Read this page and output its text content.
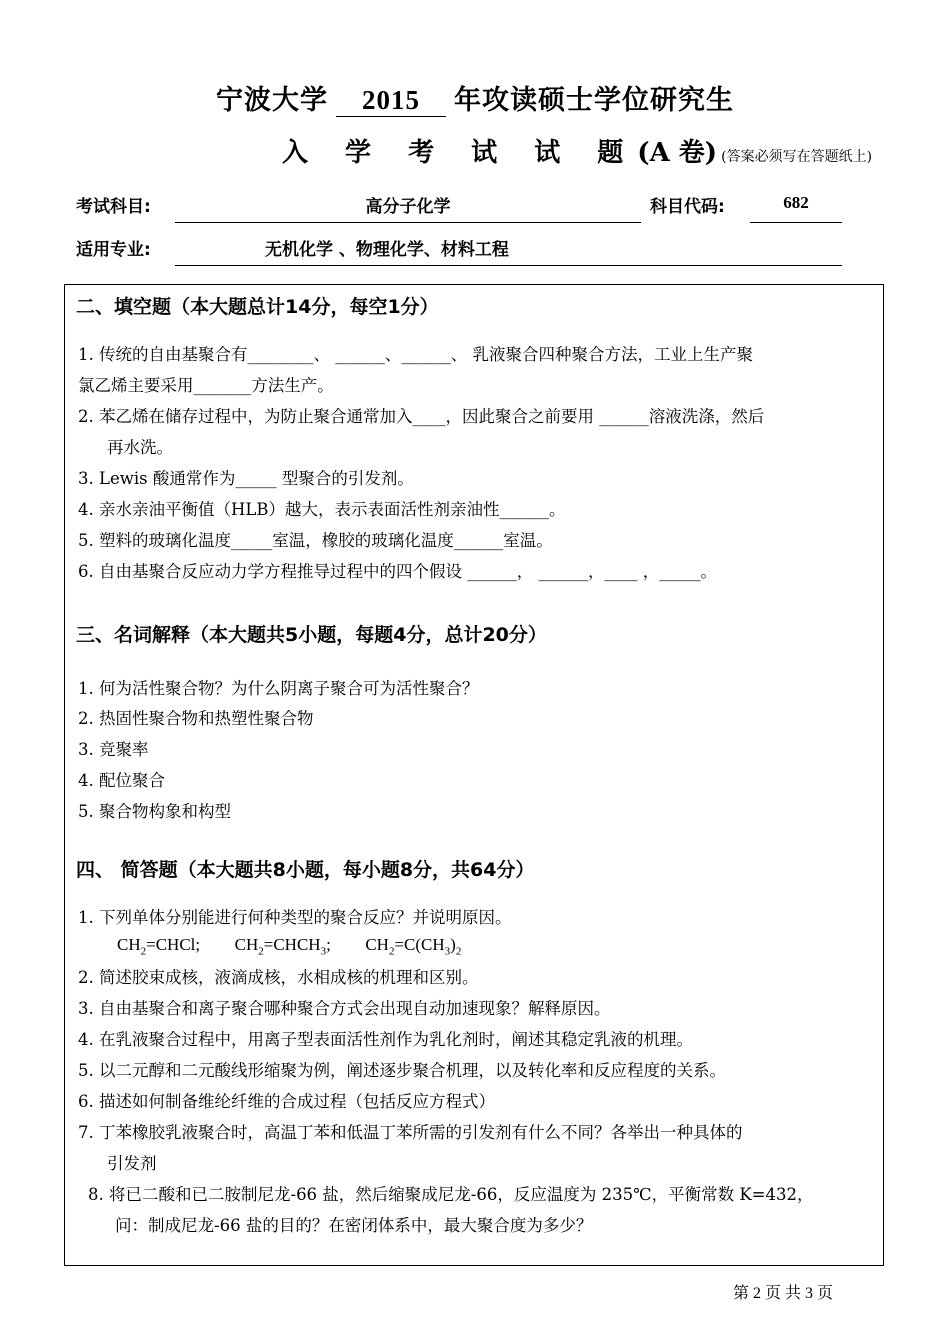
宁波大学 2015 年攻读硕士学位研究生
入 学 考 试 试 题(A 卷) (答案必须写在答题纸上)
考试科目:	高分子化学	科目代码:	682
适用专业:	无机化学 、物理化学、材料工程
二、填空题（本大题总计14分，每空1分）
1. 传统的自由基聚合有________、 ______、______、 乳液聚合四种聚合方法，工业上生产聚
氯乙烯主要采用_______方法生产。
2. 苯乙烯在储存过程中，为防止聚合通常加入____，因此聚合之前要用 ______溶液洗涤，然后
再水洗。
3. Lewis 酸通常作为_____ 型聚合的引发剂。
4. 亲水亲油平衡值（HLB）越大，表示表面活性剂亲油性______。
5. 塑料的玻璃化温度_____室温，橡胶的玻璃化温度______室温。
6. 自由基聚合反应动力学方程推导过程中的四个假设 ______， ______，____ ，_____。
三、名词解释（本大题共5小题，每题4分，总计20分）
1. 何为活性聚合物？为什么阴离子聚合可为活性聚合？
2. 热固性聚合物和热塑性聚合物
3. 竞聚率
4. 配位聚合
5. 聚合物构象和构型
四、 简答题（本大题共8小题，每小题8分，共64分）
1. 下列单体分别能进行何种类型的聚合反应？并说明原因。
$CH_2=CHCl$; $CH_2=CHCH_3$; $CH_2=C(CH_3)_2$
2. 简述胶束成核，液滴成核，水相成核的机理和区别。
3. 自由基聚合和离子聚合哪种聚合方式会出现自动加速现象？解释原因。
4. 在乳液聚合过程中，用离子型表面活性剂作为乳化剂时，阐述其稳定乳液的机理。
5. 以二元醇和二元酸线形缩聚为例，阐述逐步聚合机理，以及转化率和反应程度的关系。
6. 描述如何制备维纶纤维的合成过程（包括反应方程式）
7. 丁苯橡胶乳液聚合时，高温丁苯和低温丁苯所需的引发剂有什么不同？各举出一种具体的
引发剂
8. 将已二酸和已二胺制尼龙-66 盐，然后缩聚成尼龙-66，反应温度为 235℃，平衡常数 K=432，
问：制成尼龙-66 盐的目的？在密闭体系中，最大聚合度为多少？
第 2 页 共 3 页
